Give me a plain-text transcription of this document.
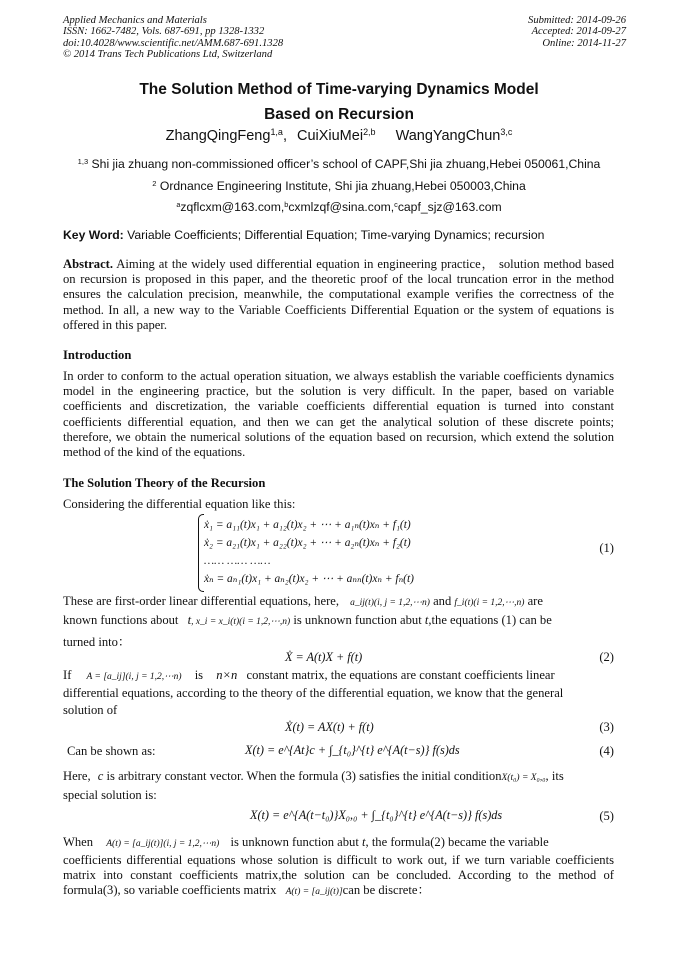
Applied Mechanics and Materials
ISSN: 1662-7482, Vols. 687-691, pp 1328-1332
doi:10.4028/www.scientific.net/AMM.687-691.1328
© 2014 Trans Tech Publications Ltd, Switzerland
Submitted: 2014-09-26
Accepted: 2014-09-27
Online: 2014-11-27
The Solution Method of Time-varying Dynamics Model
Based on Recursion
ZhangQingFeng$^{1,a}$, CuiXiuMei$^{2,b}$ WangYangChun$^{3,c}$
$^{1,3}$ Shi jia zhuang non-commissioned officer’s school of CAPF,Shi jia zhuang,Hebei 050061,China
$^2$ Ordnance Engineering Institute, Shi jia zhuang,Hebei 050003,China
$^a$zqflcxm@163.com,$^b$cxmlzqf@sina.com,$^c$capf_sjz@163.com
Key Word: Variable Coefficients; Differential Equation; Time-varying Dynamics; recursion
Abstract. Aiming at the widely used differential equation in engineering practice， solution method based on recursion is proposed in this paper, and the theoretic proof of the local truncation error in the method ensures the calculation precision, meanwhile, the computational example verifies the correctness of the method. In all, a new way to the Variable Coefficients Differential Equation or the system of equations is offered in this paper.
Introduction
In order to conform to the actual operation situation, we always establish the variable coefficients dynamics model in the engineering practice, but the solution is very difficult. In the paper, based on variable coefficients and discretization, the variable coefficients differential equation is turned into constant coefficients differential equation, and then we can get the analytical solution of these discrete points; therefore, we obtain the numerical solutions of the equation based on recursion, which extend the solution method of the kind of the equations.
The Solution Theory of the Recursion
Considering the differential equation like this:
ẋ₁ = a₁₁(t)x₁ + a₁₂(t)x₂ + ⋯ + a₁ₙ(t)xₙ + f₁(t)
ẋ₂ = a₂₁(t)x₁ + a₂₂(t)x₂ + ⋯ + a₂ₙ(t)xₙ + f₂(t)
…… …… ……
ẋₙ = aₙ₁(t)x₁ + aₙ₂(t)x₂ + ⋯ + aₙₙ(t)xₙ + fₙ(t)
(1)
These are first-order linear differential equations, here, a_ij(t)(i, j = 1,2,⋯n) and f_i(t)(i = 1,2,⋯,n) are
known functions about t, x_i = x_i(t)(i = 1,2,⋯,n) is unknown function abut t,the equations (1) can be
turned into：
Ẋ = A(t)X + f(t)	(2)
If A = [a_ij](i, j = 1,2,⋯n) is n×n constant matrix, the equations are constant coefficients linear
differential equations, according to the theory of the differential equation, we know that the general
solution of
Ẋ(t) = AX(t) + f(t)	(3)
Can be shown as:	X(t) = e^{At}c + ∫_{t₀}^{t} e^{A(t−s)} f(s)ds	(4)
Here, c is arbitrary constant vector. When the formula (3) satisfies the initial conditionX(t₀) = X₀,₀, its
special solution is:
X(t) = e^{A(t−t₀)}X₀,₀ + ∫_{t₀}^{t} e^{A(t−s)} f(s)ds	(5)
When A(t) = [a_ij(t)](i, j = 1,2,⋯n) is unknown function abut t, the formula(2) became the variable
coefficients differential equations whose solution is difficult to work out, if we turn variable coefficients matrix into constant coefficients matrix,the solution can be concluded. According to the method of formula(3), so variable coefficients matrix A(t) = [a_ij(t)]can be discrete：
